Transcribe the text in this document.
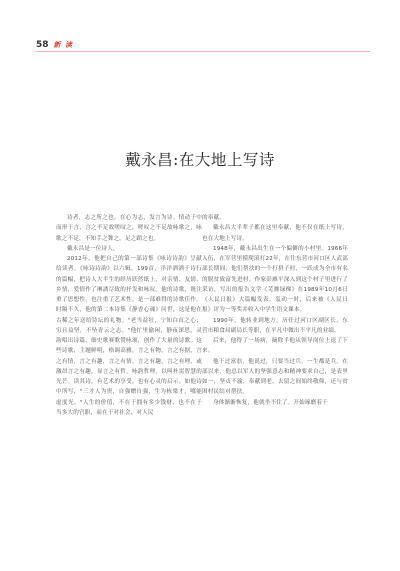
58 新 读
戴永昌:在大地上写诗

诗者，志之所之也。在心为志，发言为诗。情动于中而形于言，言之不足故嗟叹之，嗟叹之不足故咏歌之，咏歌之不足，不知手之舞之，足之蹈之也。

戴永昌是一位诗人。

2012年，他把自己的第一部诗集《咏诗诗韵》呈献给读者。《咏诗诗韵》以六辑，199首，洋洋洒洒于诗行的篇幅，把诗人大半生的经历跃然纸上，对亲情、友情、乡情，爱情作了淋漓尽致的抒发和咏叹。他的诗歌，既注重了思想性，也注重了艺术性，是一部难得的诗歌佳作。时隔不久，他的第二本诗集《静香心魂》问世，这是他在古稀之年送给诗坛的礼物。"老当益壮，宁知白首之心；穷且益坚，不坠青云之志。"他忙里偷闲，静夜深思，灵韵唱出诗篇，细史歌赛歌赞咏颂，创作了大量的诗歌。这些诗歌，主题鲜明，格调高雅，言之有物，言之有据，言之有情，言之有趣，言之有情，言之有趣，言之有理，或激昂言之有趣，显言之有哲，咏韵哲理，以叫朴雷智慧的光芒。读其诗，有艺术的享受，也有心灵的启示。如他诗中所写，"三才人为贵，自强赠自强，生为栋梁才，哪能虚度光。"人生的价值，不在于拥有多少钱财，也不在于当多大的官职，而在于对社会、对人民

的奉献。

戴永昌大半辈子都在这里奉献，他不仅在纸上写诗，也在大地上写诗。

1948年，戴永昌出生在一个偏僻的小村里。1966年入伍，在军营里摸爬滚打22年，在往东营市河口区人武部部长期间，他们帮扶的一个打拼子村，一跃成为全市有名的脱贫致富先进村。作家彭雁平深入到这个村子里进行了采访，写出的报告文学《芜潍绿梯》在1989年10月6日《人民日报》大篇幅发表，轰动一时，后来被《人民日报》评为一等奖并收入中学生语文课本。

1990年，他转业到地方，历任过河口区副区长，东营市粮食局副局长等职，在平凡中做出不平凡的业绩。

后来，他得了一场病，摘除半他从领导岗位上退了下来。

他干过富翁，他说过，只要当过兵，一生都是兵。在部以来，他总以军人的坚强意志和精神要求自己，是表里如一，坚贞不渝，奉献到老，去留之间始终敬仰，还与贫困村民结对帮扶。

身体渐渐恢复，他就坐不住了。开始琢磨着干
